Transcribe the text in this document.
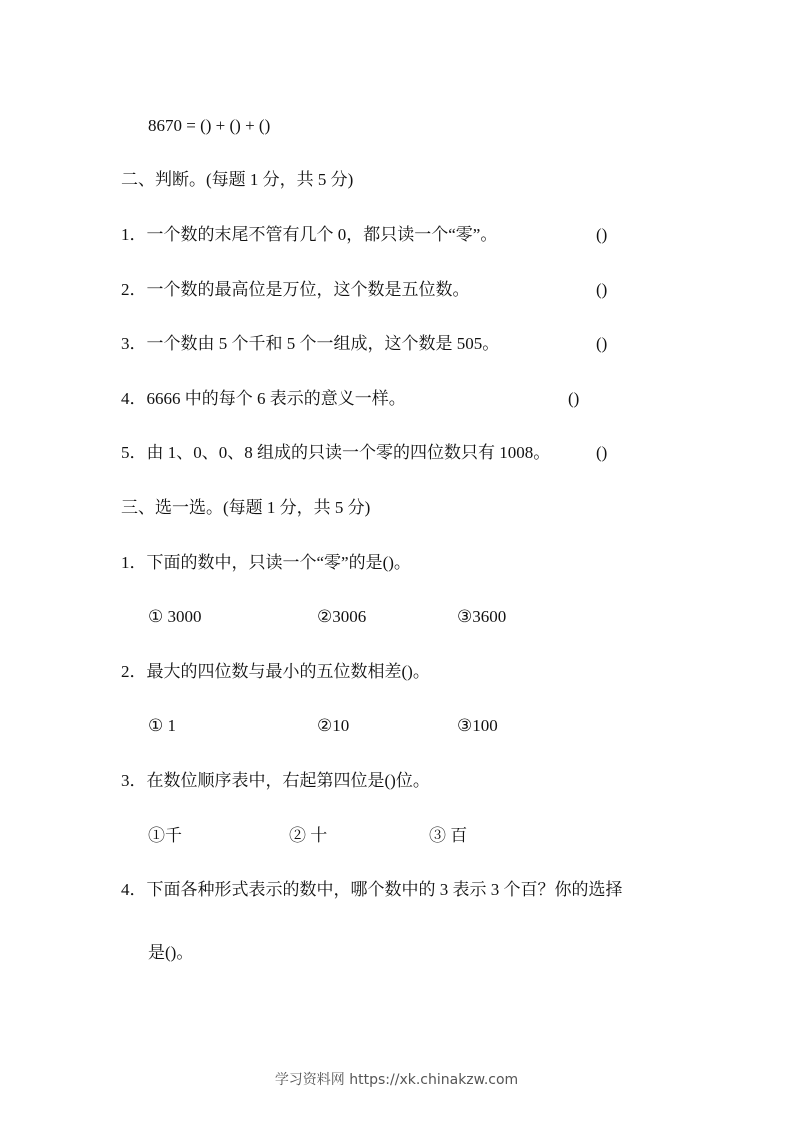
8670 = () + () + ()
二、判断。(每题 1 分，共 5 分)
1．一个数的末尾不管有几个 0，都只读一个“零”。	()
2．一个数的最高位是万位，这个数是五位数。	()
3．一个数由 5 个千和 5 个一组成，这个数是 505。	()
4．6666 中的每个 6 表示的意义一样。	()
5．由 1、0、0、8 组成的只读一个零的四位数只有 1008。	()
三、选一选。(每题 1 分，共 5 分)
1．下面的数中，只读一个“零”的是()。
① 3000	②3006	③3600
2．最大的四位数与最小的五位数相差()。
① 1	②10	③100
3．在数位顺序表中，右起第四位是()位。
①千	② 十	③ 百
4．下面各种形式表示的数中，哪个数中的 3 表示 3 个百？你的选择
是()。
学习资料网 https://xk.chinakzw.com
